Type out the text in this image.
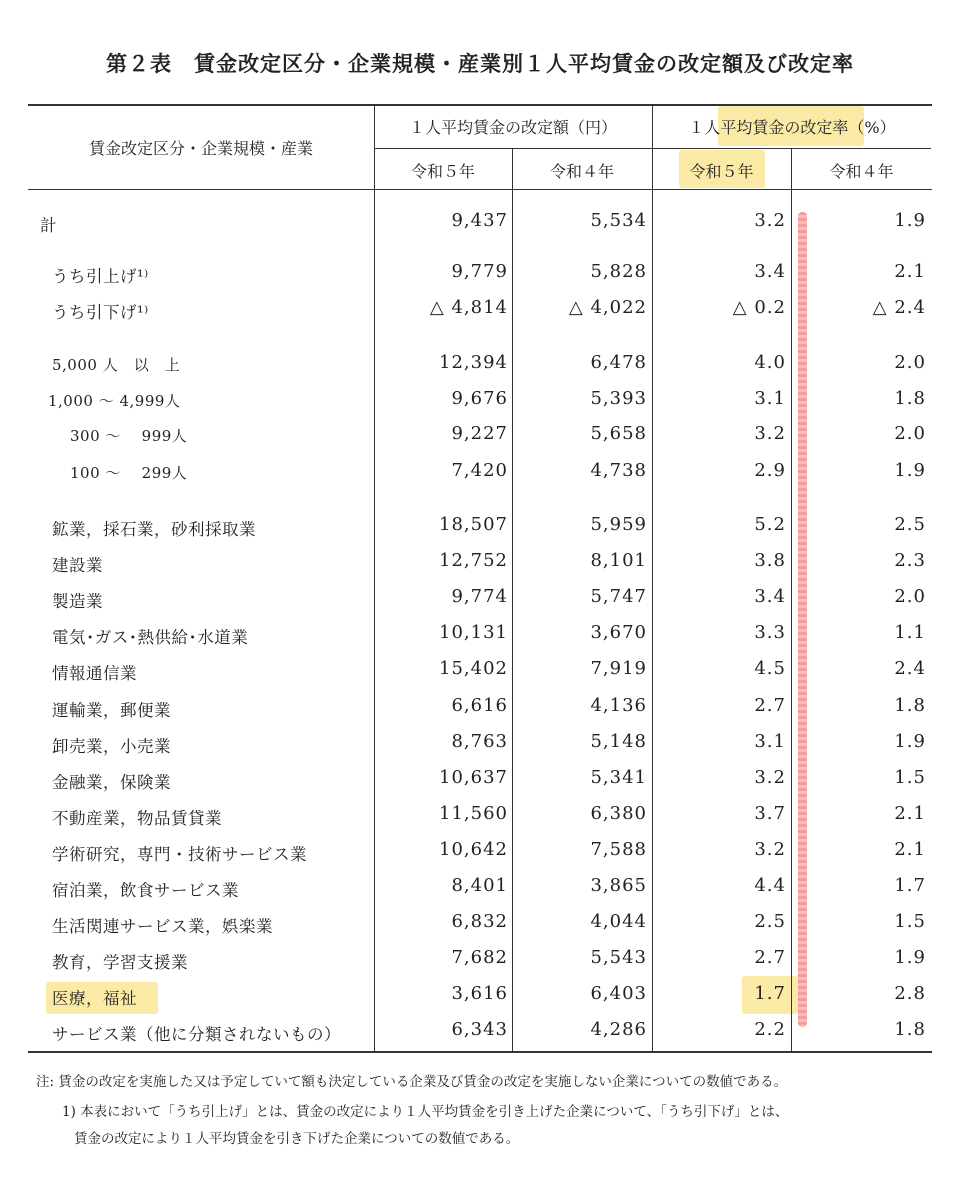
第２表　賃金改定区分・企業規模・産業別１人平均賃金の改定額及び改定率
賃金改定区分・企業規模・産業
１人平均賃金の改定額（円）	１人平均賃金の改定率（%）
令和５年	令和４年	令和５年	令和４年
計	9,437	5,534	3.2	1.9
うち引上げ¹⁾	9,779	5,828	3.4	2.1
うち引下げ¹⁾	△ 4,814	△ 4,022	△ 0.2	△ 2.4
5,000 人　以　上	12,394	6,478	4.0	2.0
1,000 ～ 4,999人	9,676	5,393	3.1	1.8
300 ～　 999人	9,227	5,658	3.2	2.0
100 ～　 299人	7,420	4,738	2.9	1.9
鉱業，採石業，砂利採取業	18,507	5,959	5.2	2.5
建設業	12,752	8,101	3.8	2.3
製造業	9,774	5,747	3.4	2.0
電気･ガス･熱供給･水道業	10,131	3,670	3.3	1.1
情報通信業	15,402	7,919	4.5	2.4
運輸業，郵便業	6,616	4,136	2.7	1.8
卸売業，小売業	8,763	5,148	3.1	1.9
金融業，保険業	10,637	5,341	3.2	1.5
不動産業，物品賃貸業	11,560	6,380	3.7	2.1
学術研究，専門・技術サービス業	10,642	7,588	3.2	2.1
宿泊業，飲食サービス業	8,401	3,865	4.4	1.7
生活関連サービス業，娯楽業	6,832	4,044	2.5	1.5
教育，学習支援業	7,682	5,543	2.7	1.9
医療，福祉	3,616	6,403	1.7	2.8
サービス業（他に分類されないもの）	6,343	4,286	2.2	1.8
注: 賃金の改定を実施した又は予定していて額も決定している企業及び賃金の改定を実施しない企業についての数値である。
1) 本表において「うち引上げ」とは、賃金の改定により１人平均賃金を引き上げた企業について、「うち引下げ」とは、
賃金の改定により１人平均賃金を引き下げた企業についての数値である。
